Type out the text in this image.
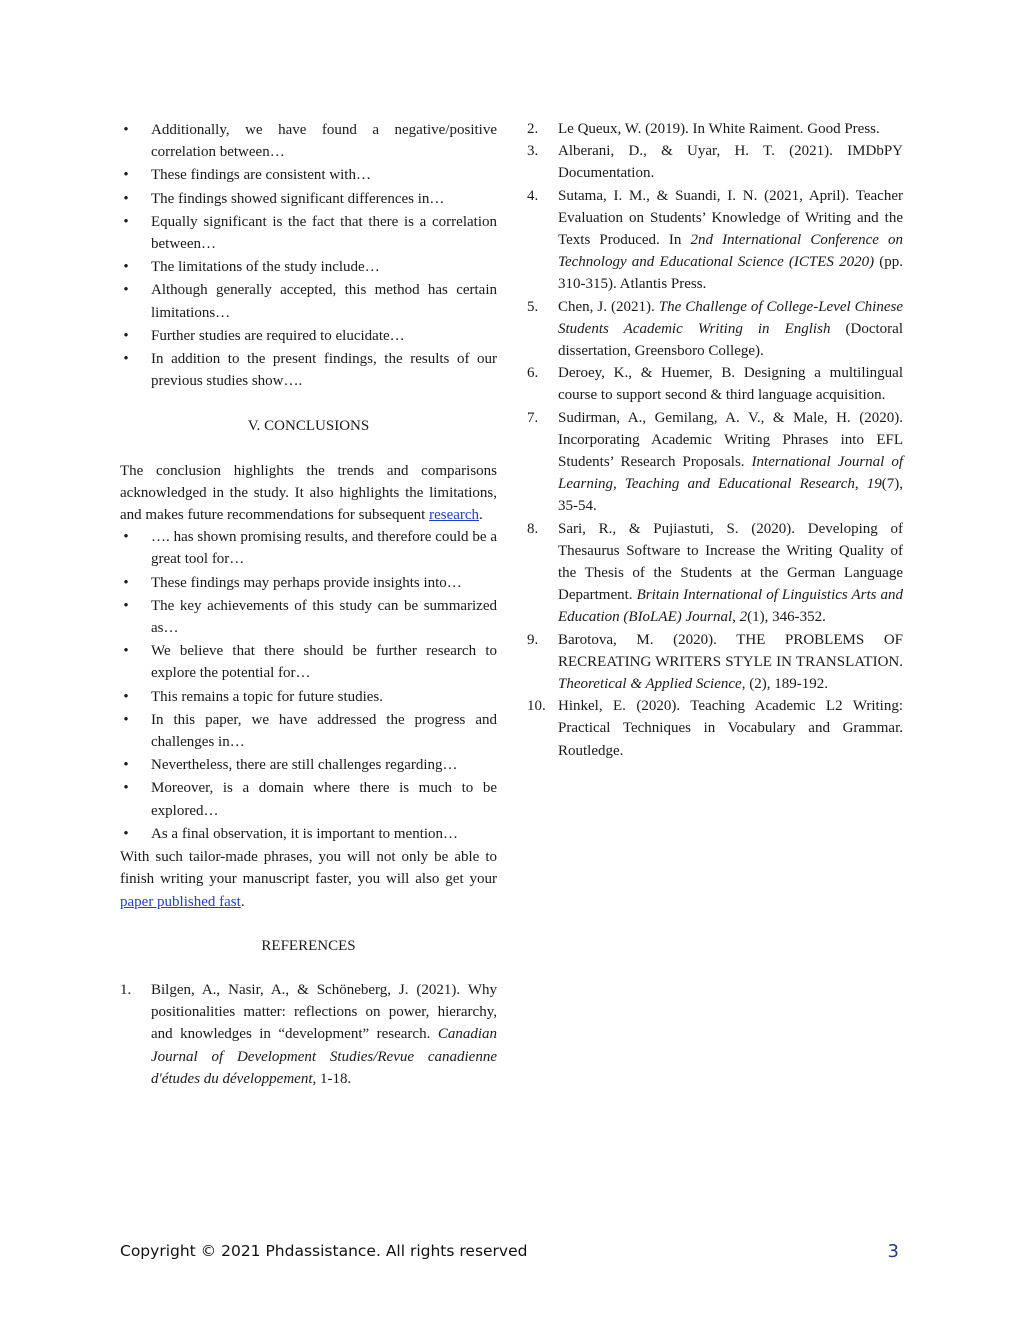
• Additionally, we have found a negative/positive correlation between…
• These findings are consistent with…
• The findings showed significant differences in…
• Equally significant is the fact that there is a correlation between…
• The limitations of the study include…
• Although generally accepted, this method has certain limitations…
• Further studies are required to elucidate…
• In addition to the present findings, the results of our previous studies show….

V. CONCLUSIONS

The conclusion highlights the trends and comparisons acknowledged in the study. It also highlights the limitations, and makes future recommendations for subsequent research.

• …. has shown promising results, and therefore could be a great tool for…
• These findings may perhaps provide insights into…
• The key achievements of this study can be summarized as…
• We believe that there should be further research to explore the potential for…
• This remains a topic for future studies.
• In this paper, we have addressed the progress and challenges in…
• Nevertheless, there are still challenges regarding…
• Moreover, is a domain where there is much to be explored…
• As a final observation, it is important to mention…

With such tailor-made phrases, you will not only be able to finish writing your manuscript faster, you will also get your paper published fast.

REFERENCES

1.	Bilgen, A., Nasir, A., & Schöneberg, J. (2021). Why positionalities matter: reflections on power, hierarchy, and knowledges in “development” research. Canadian Journal of Development Studies/Revue canadienne d'études du développement, 1-18.
2.	Le Queux, W. (2019). In White Raiment. Good Press.
3.	Alberani, D., & Uyar, H. T. (2021). IMDbPY Documentation.
4.	Sutama, I. M., & Suandi, I. N. (2021, April). Teacher Evaluation on Students’ Knowledge of Writing and the Texts Produced. In 2nd International Conference on Technology and Educational Science (ICTES 2020) (pp. 310-315). Atlantis Press.
5.	Chen, J. (2021). The Challenge of College-Level Chinese Students Academic Writing in English (Doctoral dissertation, Greensboro College).
6.	Deroey, K., & Huemer, B. Designing a multilingual course to support second & third language acquisition.
7.	Sudirman, A., Gemilang, A. V., & Male, H. (2020). Incorporating Academic Writing Phrases into EFL Students’ Research Proposals. International Journal of Learning, Teaching and Educational Research, 19(7), 35-54.
8.	Sari, R., & Pujiastuti, S. (2020). Developing of Thesaurus Software to Increase the Writing Quality of the Thesis of the Students at the German Language Department. Britain International of Linguistics Arts and Education (BIoLAE) Journal, 2(1), 346-352.
9.	Barotova, M. (2020). THE PROBLEMS OF RECREATING WRITERS STYLE IN TRANSLATION. Theoretical & Applied Science, (2), 189-192.
10. Hinkel, E. (2020). Teaching Academic L2 Writing: Practical Techniques in Vocabulary and Grammar. Routledge.
Copyright © 2021 Phdassistance. All rights reserved	3
